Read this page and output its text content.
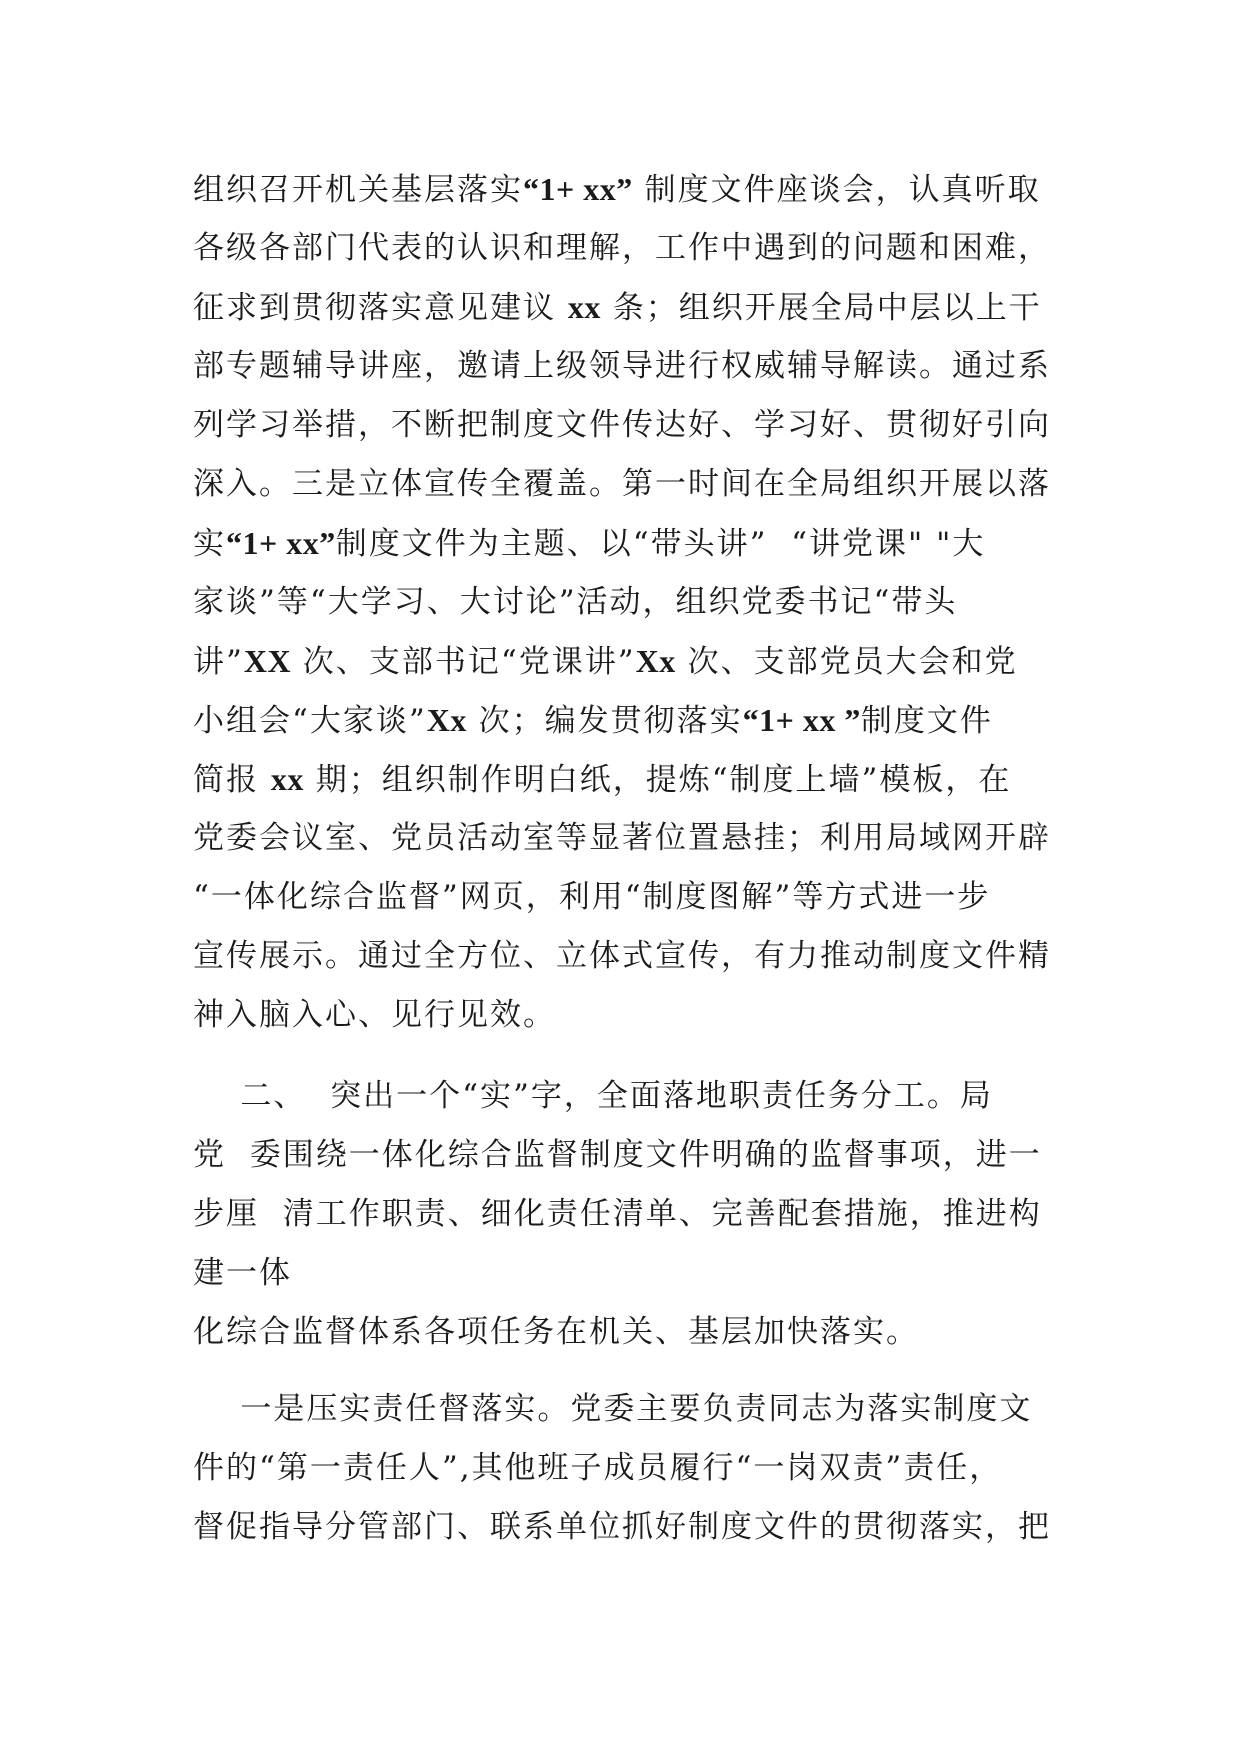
组织召开机关基层落实“1+ xx” 制度文件座谈会，认真听取
各级各部门代表的认识和理解，工作中遇到的问题和困难，
征求到贯彻落实意见建议 xx 条；组织开展全局中层以上干
部专题辅导讲座，邀请上级领导进行权威辅导解读。通过系
列学习举措，不断把制度文件传达好、学习好、贯彻好引向
深入。三是立体宣传全覆盖。第一时间在全局组织开展以落
实“1+ xx”制度文件为主题、以“带头讲”  “讲党课" "大
家谈”等“大学习、大讨论”活动，组织党委书记“带头
讲”XX 次、支部书记“党课讲”Xx 次、支部党员大会和党
小组会“大家谈”Xx 次；编发贯彻落实“1+ xx ”制度文件
简报 xx 期；组织制作明白纸，提炼“制度上墙”模板，在
党委会议室、党员活动室等显著位置悬挂；利用局域网开辟
“一体化综合监督”网页，利用“制度图解”等方式进一步
宣传展示。通过全方位、立体式宣传，有力推动制度文件精
神入脑入心、见行见效。
二、  突出一个“实”字，全面落地职责任务分工。局
党  委围绕一体化综合监督制度文件明确的监督事项，进一
步厘  清工作职责、细化责任清单、完善配套措施，推进构
建一体
化综合监督体系各项任务在机关、基层加快落实。
一是压实责任督落实。党委主要负责同志为落实制度文
件的“第一责任人”,其他班子成员履行“一岗双责”责任，
督促指导分管部门、联系单位抓好制度文件的贯彻落实，把
